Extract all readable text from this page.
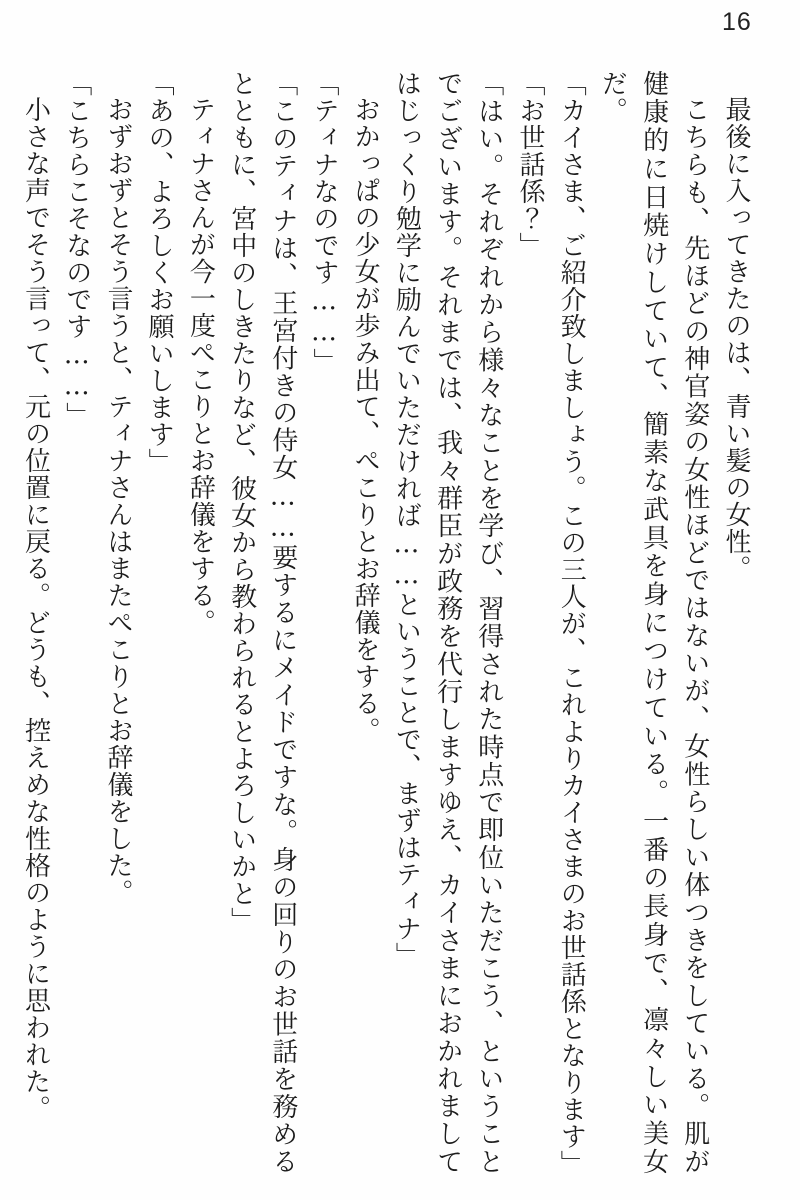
16

最後に入ってきたのは、青い髪の女性。

こちらも、先ほどの神官姿の女性ほどではないが、女性らしい体つきをしている。肌が健康的に日焼けしていて、簡素な武具を身につけている。一番の長身で、凛々しい美女だ。

「カイさま、ご紹介致しましょう。この三人が、これよりカイさまのお世話係となります」

「お世話係？」

「はい。それぞれから様々なことを学び、習得された時点で即位いただこう、ということでございます。それまでは、我々群臣が政務を代行しますゆえ、カイさまにおかれましてはじっくり勉学に励んでいただければ……ということで、まずはティナ」

おかっぱの少女が歩み出て、ぺこりとお辞儀をする。

「ティナなのです……」

「このティナは、王宮付きの侍女……要するにメイドですな。身の回りのお世話を務めるとともに、宮中のしきたりなど、彼女から教わられるとよろしいかと」

ティナさんが今一度ぺこりとお辞儀をする。

「あの、よろしくお願いします」

おずおずとそう言うと、ティナさんはまたぺこりとお辞儀をした。

「こちらこそなのです……」

小さな声でそう言って、元の位置に戻る。どうも、控えめな性格のように思われた。
